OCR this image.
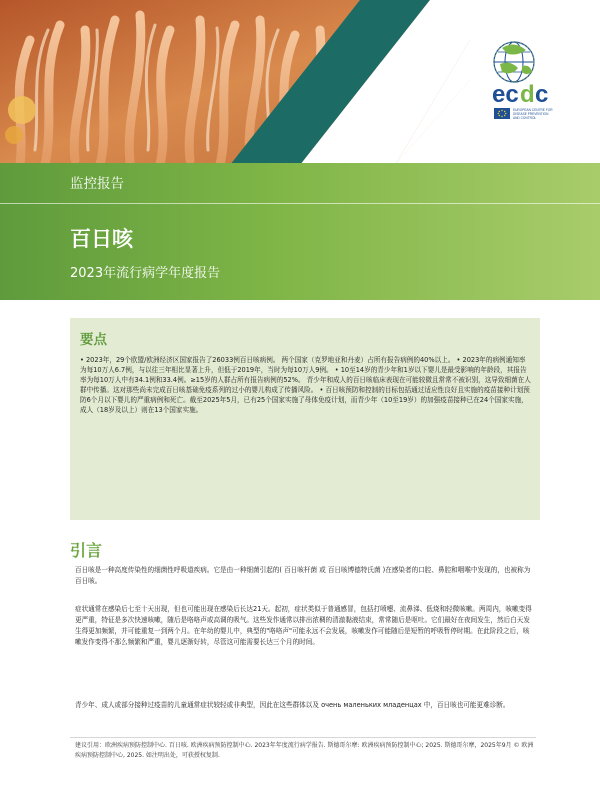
ec d c
EUROPEAN CENTRE FOR
DISEASE PREVENTION
AND CONTROL
监控报告
百日咳
2023年流行病学年度报告
要点
• 2023年，29个欧盟/欧洲经济区国家报告了26033例百日咳病例。 两个国家（克罗地亚和丹麦）占所有报告病例的40%以上。 • 2023年的病例通知率为每10万人6.7例，与以往三年相比显著上升，但低于2019年，当时为每10万人9例。 • 10至14岁的青少年和1岁以下婴儿是最受影响的年龄段，其报告率为每10万人中有34.1例和33.4例。≥15岁的人群占所有报告病例的52%。 青少年和成人的百日咳临床表现在可能较微且常常不被识别，这导致细菌在人群中传播。这对那些尚未完成百日咳基础免疫系列的过小的婴儿构成了传播风险。 • 百日咳预防和控制的目标包括通过适应性良好且实施的疫苗接种计划预防6个月以下婴儿的严重病例和死亡。截至2025年5月，已有25个国家实施了母体免疫计划，而青少年（10至19岁）的加强疫苗接种已在24个国家实施，成人（18岁及以上）则在13个国家实施。
引言
百日咳是一种高度传染性的细菌性呼吸道疾病。它是由一种细菌引起的( 百日咳杆菌 或 百日咳博德特氏菌 )在感染者的口腔、鼻腔和咽喉中发现的，也被称为百日咳。
症状通常在感染后七至十天出现，但也可能出现在感染后长达21天。起初，症状类似于普通感冒，包括打喷嚏、流鼻涕、低烧和轻微咳嗽。两周内，咳嗽变得更严重，特征是多次快速咳嗽，随后是咯咯声或高调的吸气。这些发作通常以排出浓稠的清澈黏液结束，常常随后是呕吐。它们最好在夜间发生，然后白天发生得更加频繁，并可能重复一到两个月。在年幼的婴儿中，典型的"咯咯声"可能永远不会发展，咳嗽发作可能随后是短暂的呼吸暂停时期。在此阶段之后，咳嗽发作变得不那么频繁和严重，婴儿逐渐好转，尽管这可能需要长达三个月的时间。
青少年、成人或部分接种过疫苗的儿童通常症状较轻或非典型，因此在这些群体以及 очень маленьких младенцах 中，百日咳也可能更难诊断。
建议引用：欧洲疾病预防控制中心. 百日咳. 欧洲疾病预防控制中心. 2023年年度流行病学报告. 斯德哥尔摩: 欧洲疾病预防控制中心; 2025. 斯德哥尔摩，2025年9月 © 欧洲疾病预防控制中心, 2025. 如注明出处，可获授权复制.
